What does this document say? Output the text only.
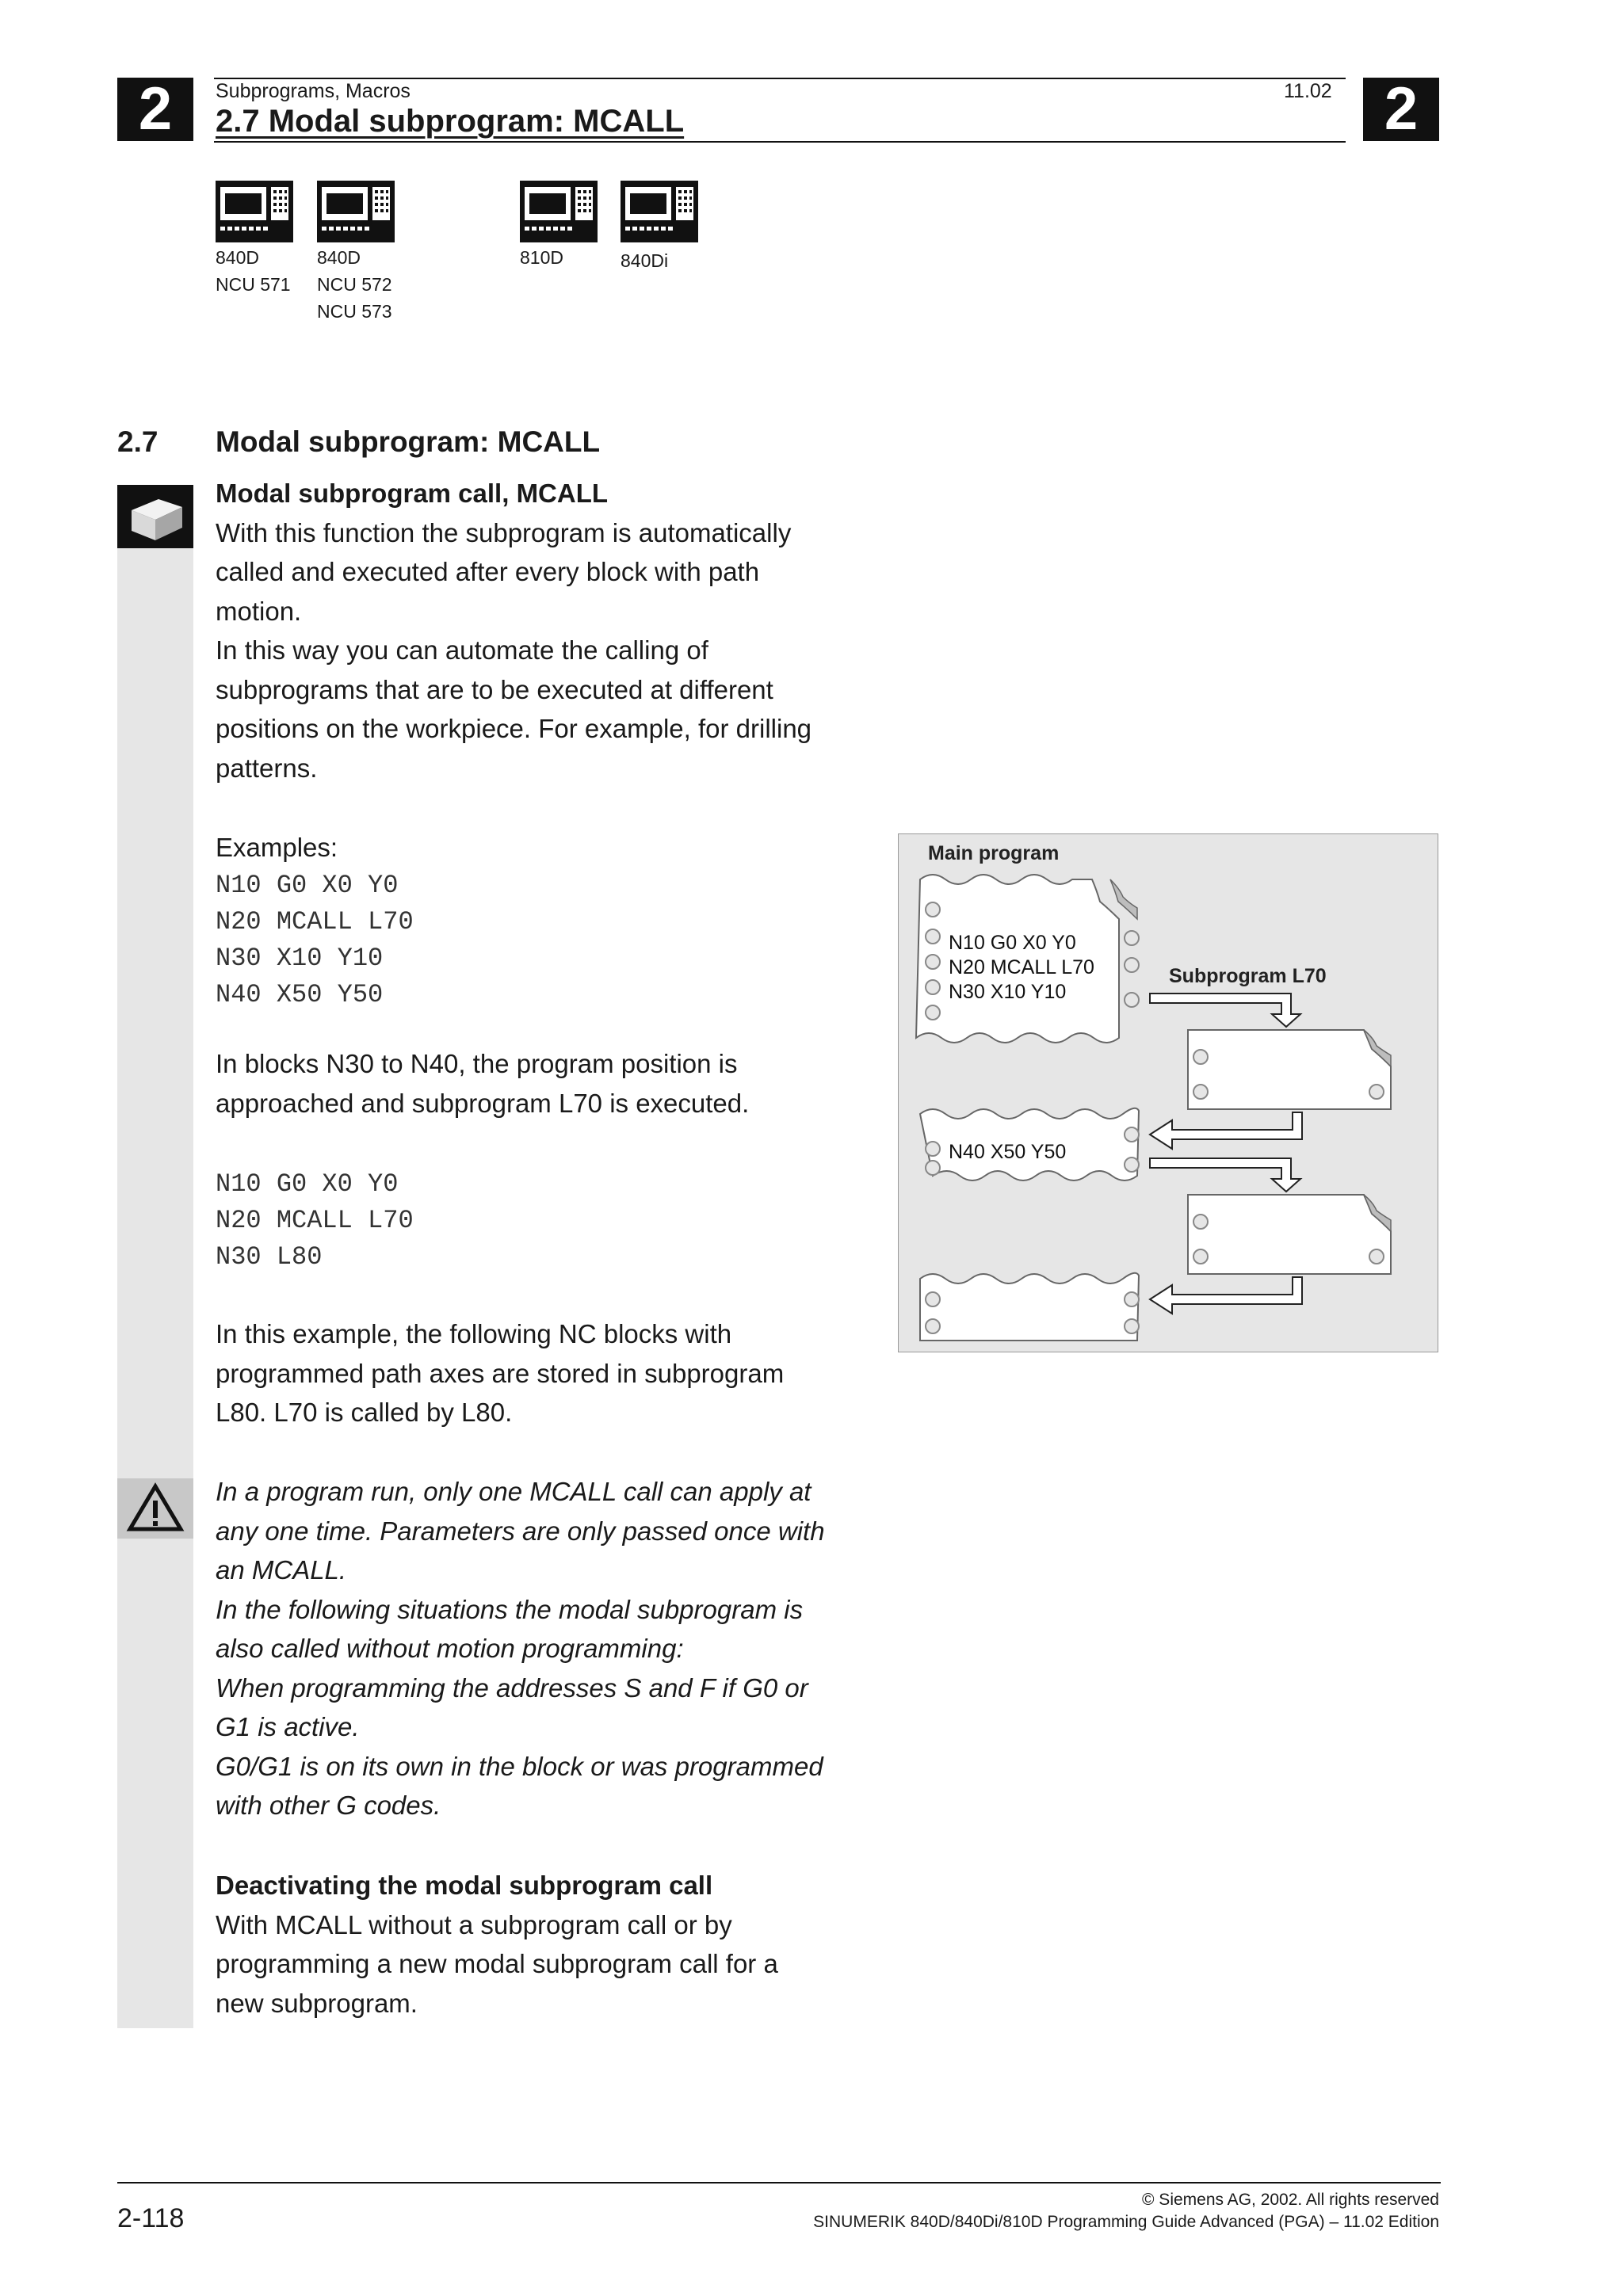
2	2
Subprograms, Macros	11.02
2.7 Modal subprogram: MCALL
840D
NCU 571
840D
NCU 572
NCU 573
810D	840Di
2.7 Modal subprogram: MCALL

Modal subprogram call, MCALL

With this function the subprogram is automatically

called and executed after every block with path

motion.

In this way you can automate the calling of

subprograms that are to be executed at different

positions on the workpiece. For example, for drilling

patterns.

Examples:

N10 G0 X0 Y0

N20 MCALL L70

N30 X10 Y10

N40 X50 Y50

In blocks N30 to N40, the program position is

approached and subprogram L70 is executed.

N10 G0 X0 Y0

N20 MCALL L70

N30 L80

In this example, the following NC blocks with

programmed path axes are stored in subprogram

L80. L70 is called by L80.

In a program run, only one MCALL call can apply at

any one time. Parameters are only passed once with

an MCALL.

In the following situations the modal subprogram is

also called without motion programming:

When programming the addresses S and F if G0 or

G1 is active.

G0/G1 is on its own in the block or was programmed

with other G codes.

Deactivating the modal subprogram call

With MCALL without a subprogram call or by

programming a new modal subprogram call for a

new subprogram.

Main program
N10 G0 X0 Y0
N20 MCALL L70
N30 X10 Y10
Subprogram L70
N40 X50 Y50
2-118
© Siemens AG, 2002. All rights reserved
SINUMERIK 840D/840Di/810D Programming Guide Advanced (PGA) – 11.02 Edition
